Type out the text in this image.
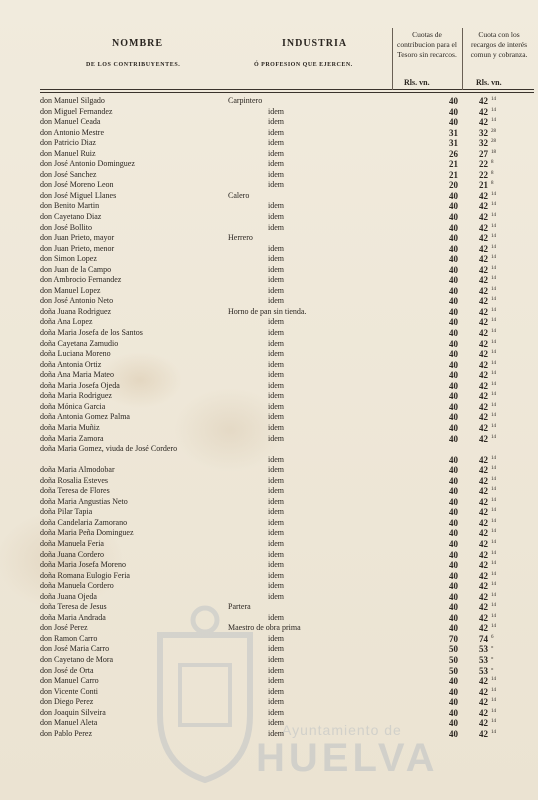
NOMBRE
DE LOS CONTRIBUYENTES.
INDUSTRIA
Ó PROFESION QUE EJERCEN.
Cuotas de contribucion para el Tesoro sin recarcos.
Cuota con los recargos de interés comun y cobranza.
Rls. vn.	Rls. vn.
Ayuntamiento de
HUELVA
don Manuel Silgado	Carpintero	40	42 14
don Miguel Fernandez	idem	40	42 14
don Manuel Ceada	idem	40	42 14
don Antonio Mestre	idem	31	32 28
don Patricio Diaz	idem	31	32 28
don Manuel Ruiz	idem	26	27 18
don José Antonio Dominguez	idem	21	22 8
don José Sanchez	idem	21	22 8
don José Moreno Leon	idem	20	21 8
don José Miguel Llanes	Calero	40	42 14
don Benito Martin	idem	40	42 14
don Cayetano Diaz	idem	40	42 14
don José Bollito	idem	40	42 14
don Juan Prieto, mayor	Herrero	40	42 14
don Juan Prieto, menor	idem	40	42 14
don Simon Lopez	idem	40	42 14
don Juan de la Campo	idem	40	42 14
don Ambrocio Fernandez	idem	40	42 14
don Manuel Lopez	idem	40	42 14
don José Antonio Neto	idem	40	42 14
doña Juana Rodriguez	Horno de pan sin tienda.	40	42 14
doña Ana Lopez	idem	40	42 14
doña Maria Josefa de los Santos	idem	40	42 14
doña Cayetana Zamudio	idem	40	42 14
doña Luciana Moreno	idem	40	42 14
doña Antonia Ortiz	idem	40	42 14
doña Ana Maria Mateo	idem	40	42 14
doña Maria Josefa Ojeda	idem	40	42 14
doña Maria Rodriguez	idem	40	42 14
doña Mónica Garcia	idem	40	42 14
doña Antonia Gomez Palma	idem	40	42 14
doña Maria Muñiz	idem	40	42 14
doña Maria Zamora	idem	40	42 14
doña Maria Gomez, viuda de José Cordero
idem	40	42 14
doña Maria Almodobar	idem	40	42 14
doña Rosalia Esteves	idem	40	42 14
doña Teresa de Flores	idem	40	42 14
doña Maria Angustias Neto	idem	40	42 14
doña Pilar Tapia	idem	40	42 14
doña Candelaria Zamorano	idem	40	42 14
doña Maria Peña Dominguez	idem	40	42 14
doña Manuela Feria	idem	40	42 14
doña Juana Cordero	idem	40	42 14
doña Maria Josefa Moreno	idem	40	42 14
doña Romana Eulogio Feria	idem	40	42 14
doña Manuela Cordero	idem	40	42 14
doña Juana Ojeda	idem	40	42 14
doña Teresa de Jesus	Partera	40	42 14
doña Maria Andrada	idem	40	42 14
don José Perez	Maestro de obra prima	40	42 14
don Ramon Carro	idem	70	74 6
don José Maria Carro	idem	50	53 »
don Cayetano de Mora	idem	50	53 »
don José de Orta	idem	50	53 »
don Manuel Carro	idem	40	42 14
don Vicente Conti	idem	40	42 14
don Diego Perez	idem	40	42 14
don Joaquin Silveira	idem	40	42 14
don Manuel Aleta	idem	40	42 14
don Pablo Perez	idem	40	42 14
